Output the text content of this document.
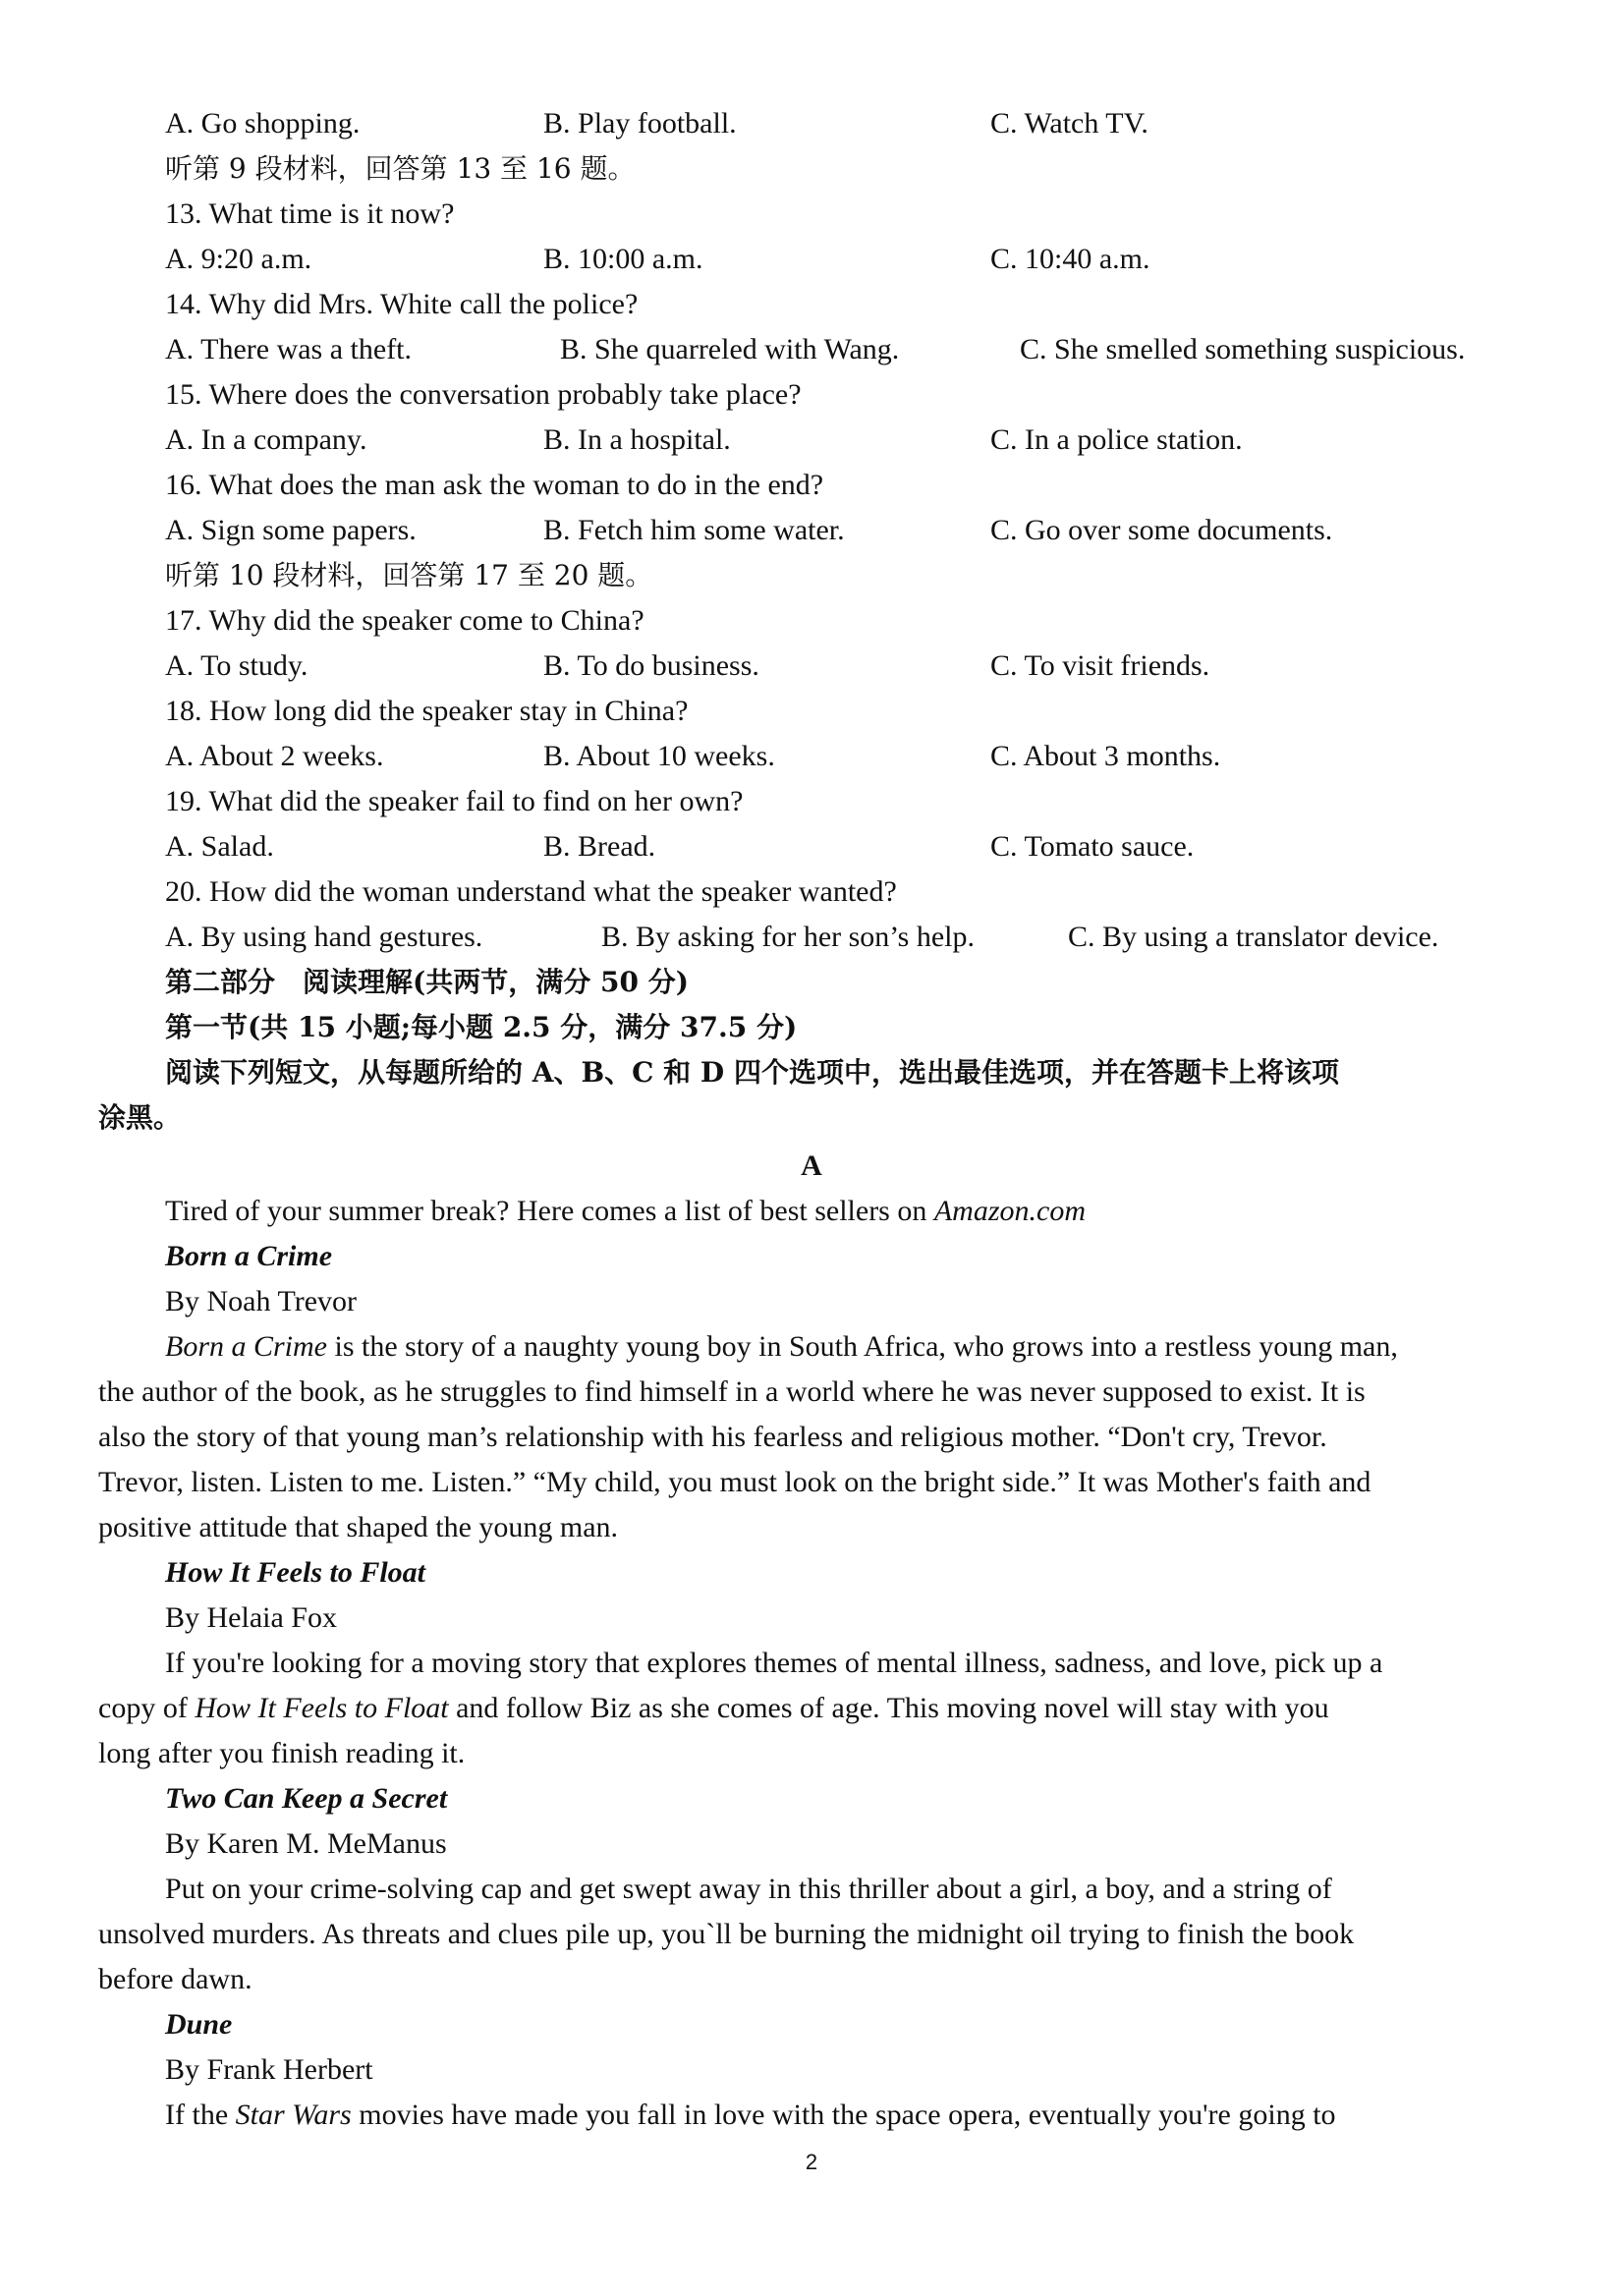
A. Go shopping.	B. Play football.	C. Watch TV.
听第 9 段材料，回答第 13 至 16 题。
13. What time is it now?
A. 9:20 a.m.	B. 10:00 a.m.	C. 10:40 a.m.
14. Why did Mrs. White call the police?
A. There was a theft.	B. She quarreled with Wang.	C. She smelled something suspicious.
15. Where does the conversation probably take place?
A. In a company.	B. In a hospital.	C. In a police station.
16. What does the man ask the woman to do in the end?
A. Sign some papers.	B. Fetch him some water.	C. Go over some documents.
听第 10 段材料，回答第 17 至 20 题。
17. Why did the speaker come to China?
A. To study.	B. To do business.	C. To visit friends.
18. How long did the speaker stay in China?
A. About 2 weeks.	B. About 10 weeks.	C. About 3 months.
19. What did the speaker fail to find on her own?
A. Salad.	B. Bread.	C. Tomato sauce.
20. How did the woman understand what the speaker wanted?
A. By using hand gestures.	B. By asking for her son’s help.	C. By using a translator device.
第二部分　阅读理解(共两节，满分 50 分)
第一节(共 15 小题;每小题 2.5 分，满分 37.5 分)
阅读下列短文，从每题所给的 A、B、C 和 D 四个选项中，选出最佳选项，并在答题卡上将该项
涂黑。
A
Tired of your summer break? Here comes a list of best sellers on Amazon.com
Born a Crime
By Noah Trevor
Born a Crime is the story of a naughty young boy in South Africa, who grows into a restless young man,
the author of the book, as he struggles to find himself in a world where he was never supposed to exist. It is
also the story of that young man’s relationship with his fearless and religious mother. “Don't cry, Trevor.
Trevor, listen. Listen to me. Listen.” “My child, you must look on the bright side.” It was Mother's faith and
positive attitude that shaped the young man.
How It Feels to Float
By Helaia Fox
If you're looking for a moving story that explores themes of mental illness, sadness, and love, pick up a
copy of How It Feels to Float and follow Biz as she comes of age. This moving novel will stay with you
long after you finish reading it.
Two Can Keep a Secret
By Karen M. MeManus
Put on your crime-solving cap and get swept away in this thriller about a girl, a boy, and a string of
unsolved murders. As threats and clues pile up, you`ll be burning the midnight oil trying to finish the book
before dawn.
Dune
By Frank Herbert
If the Star Wars movies have made you fall in love with the space opera, eventually you're going to
2
